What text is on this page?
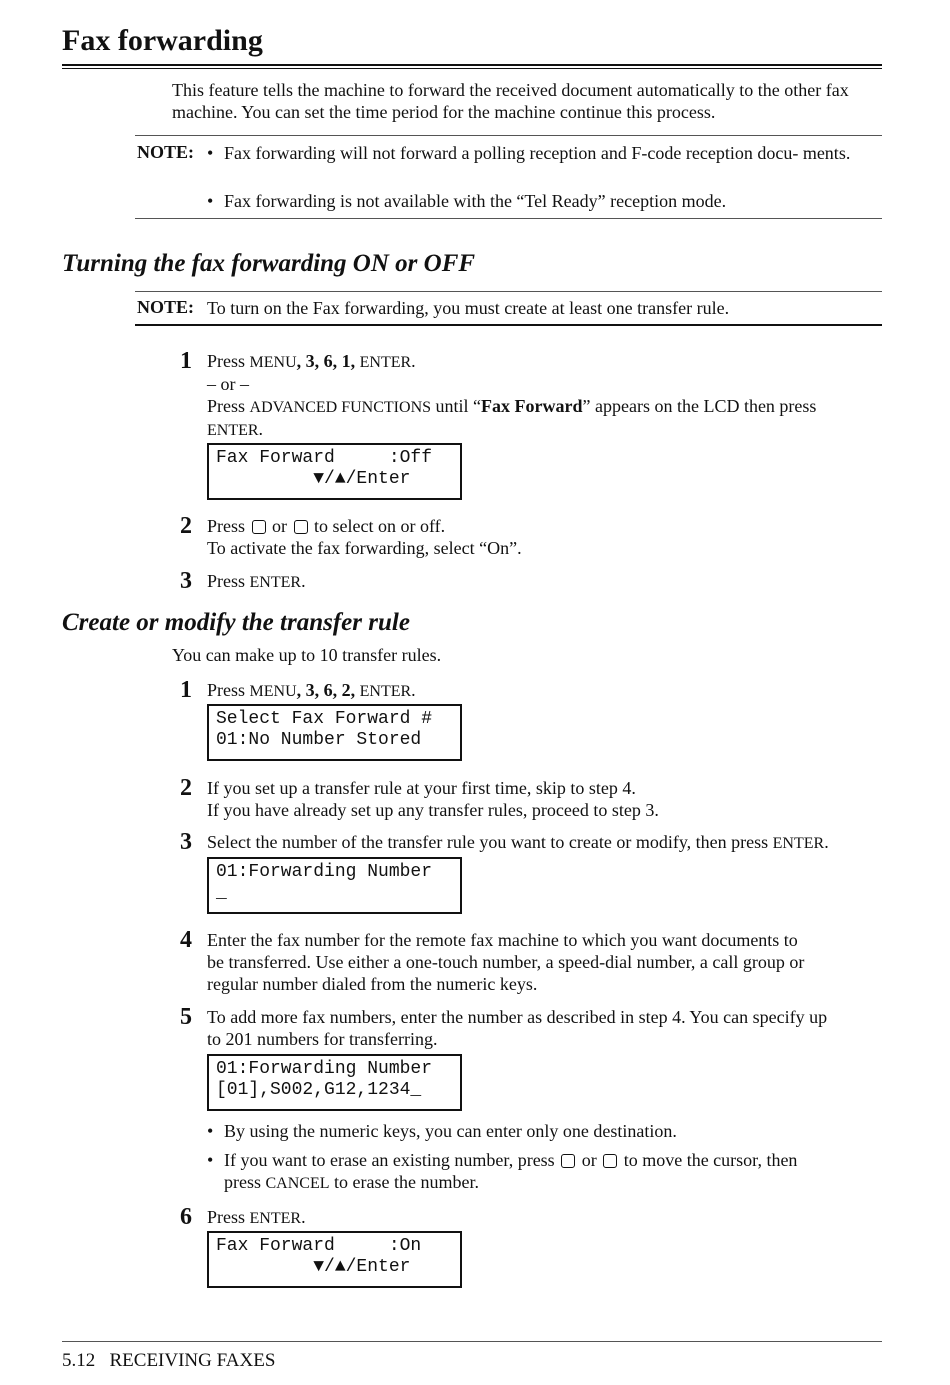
Fax forwarding
This feature tells the machine to forward the received document automatically to the other fax machine. You can set the time period for the machine continue this process.
NOTE: • Fax forwarding will not forward a polling reception and F-code reception docu- ments.
• Fax forwarding is not available with the “Tel Ready” reception mode.
Turning the fax forwarding ON or OFF
NOTE: To turn on the Fax forwarding, you must create at least one transfer rule.
1 Press MENU, 3, 6, 1, ENTER.
– or –
Press ADVANCED FUNCTIONS until “Fax Forward” appears on the LCD then press
ENTER.
Fax Forward     :Off
▼/▲/Enter
2 Press or to select on or off.
To activate the fax forwarding, select “On”.
3 Press ENTER.
Create or modify the transfer rule
You can make up to 10 transfer rules.
1 Press MENU, 3, 6, 2, ENTER.
Select Fax Forward #
01:No Number Stored
2 If you set up a transfer rule at your first time, skip to step 4.
If you have already set up any transfer rules, proceed to step 3.
3 Select the number of the transfer rule you want to create or modify, then press ENTER.
01:Forwarding Number
_
4 Enter the fax number for the remote fax machine to which you want documents to
be transferred. Use either a one-touch number, a speed-dial number, a call group or
regular number dialed from the numeric keys.
5 To add more fax numbers, enter the number as described in step 4. You can specify up
to 201 numbers for transferring.
01:Forwarding Number
[01],S002,G12,1234_
• By using the numeric keys, you can enter only one destination.
• If you want to erase an existing number, press or to move the cursor, then
press CANCEL to erase the number.
6 Press ENTER.
Fax Forward     :On
▼/▲/Enter
5.12 RECEIVING FAXES
